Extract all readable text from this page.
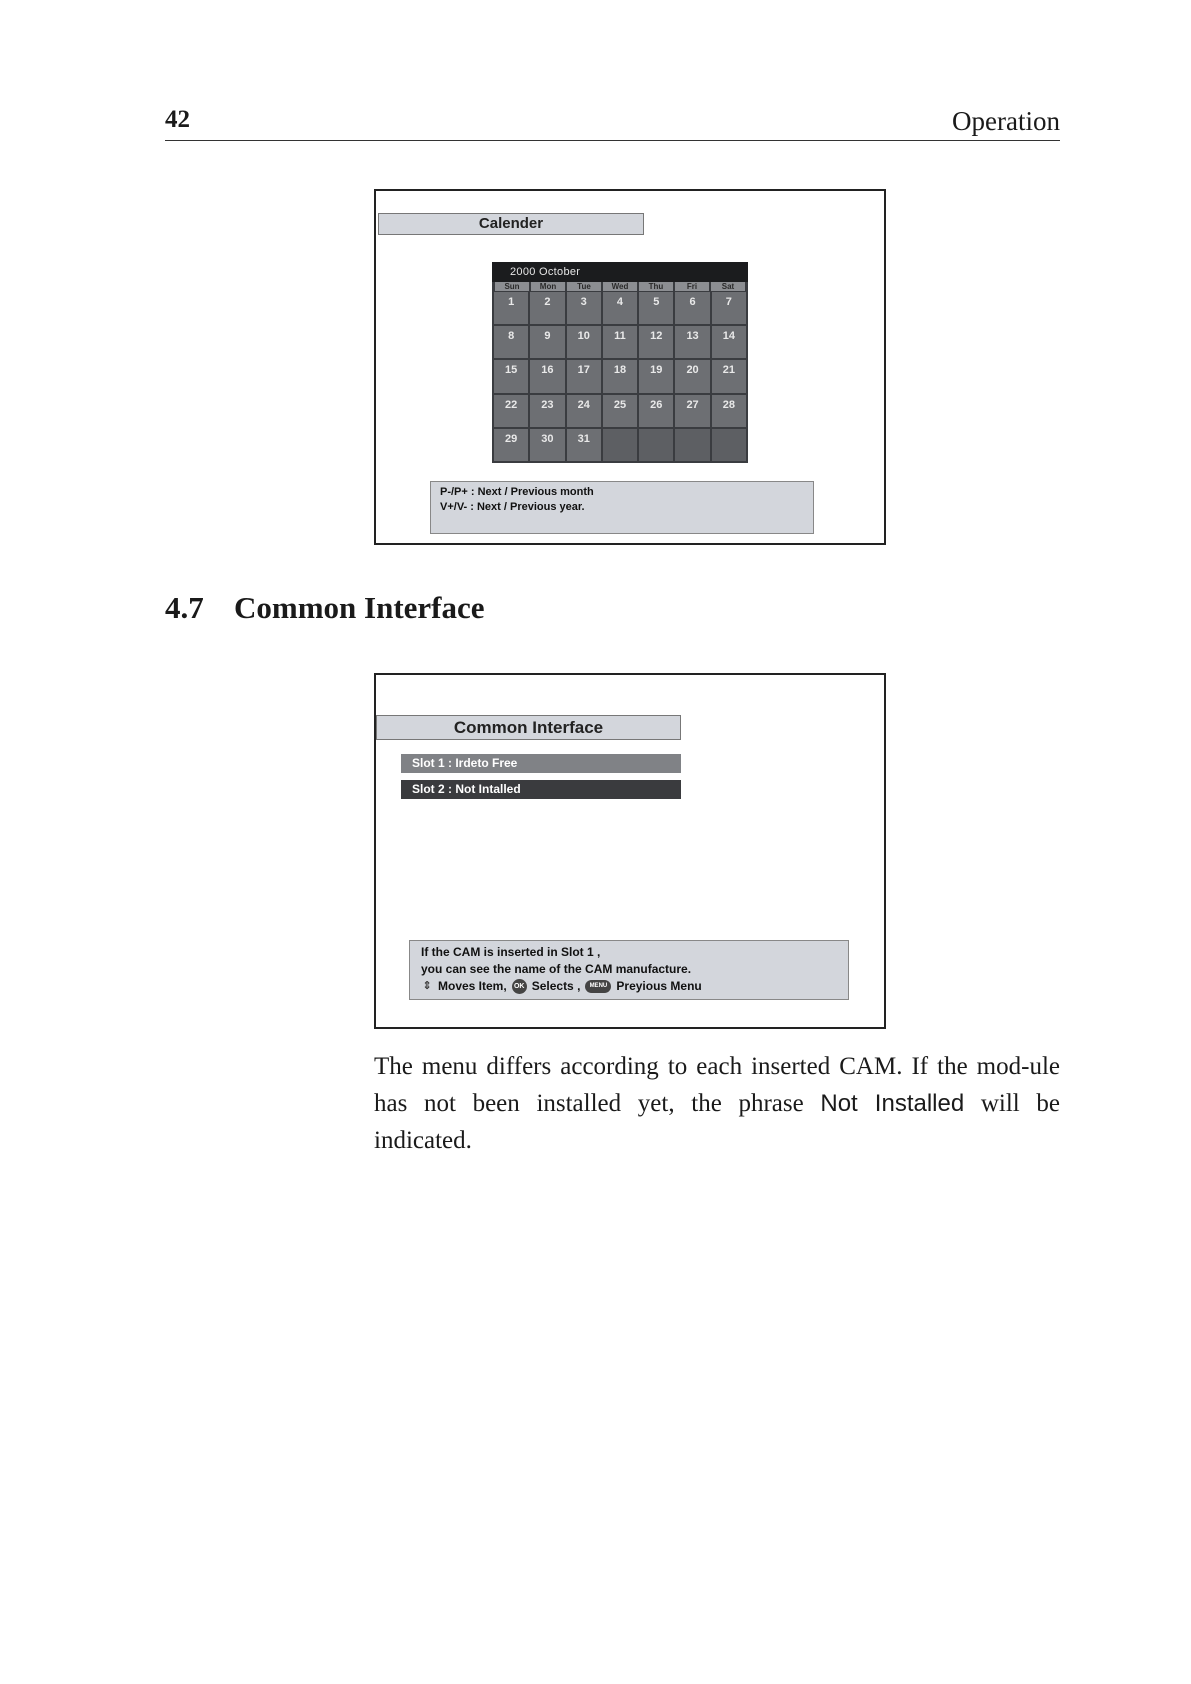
42	Operation
Calender
2000 October
Sun	Mon	Tue	Wed	Thu	Fri	Sat
1	2	3	4	5	6	7
8	9	10	11	12	13	14
15	16	17	18	19	20	21
22	23	24	25	26	27	28
29	30	31
P-/P+ : Next / Previous month
V+/V- : Next / Previous year.
4.7 Common Interface
Common Interface
Slot 1 : Irdeto Free
Slot 2 : Not Intalled
If the CAM is inserted in Slot 1 ,
you can see the name of the CAM manufacture.
⇕ Moves Item,	OK Selects ,	MENU Preyious Menu
The menu differs according to each inserted CAM. If the mod-ule has not been installed yet, the phrase Not Installed will be indicated.
